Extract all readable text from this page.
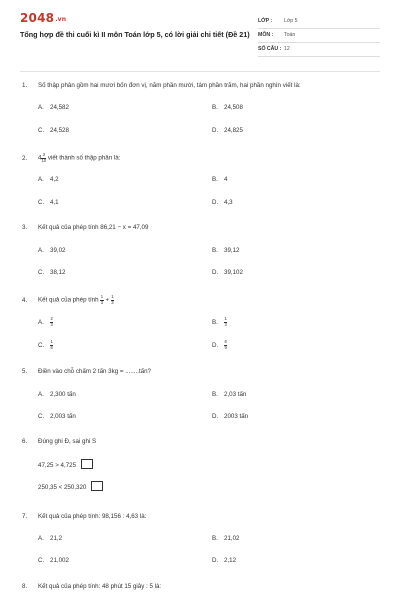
2048.vn
Tổng hợp đề thi cuối kì II môn Toán lớp 5, có lời giải chi tiết (Đề 21)
LỚP : Lớp 5
MÔN : Toán
SỐ CÂU : 12
1. Số thập phân gồm hai mươi bốn đơn vị, năm phần mười, tám phần trăm, hai phần nghìn viết là:
A. 24,582	B. 24,508
C. 24,528	D. 24,825
2. $4 \frac{3}{10}$ viết thành số thập phân là:
A. 4,2	B. 4
C. 4,1	D. 4,3
3. Kết quả của phép tính 86,21 − x = 47,09
A. 39,02	B. 39,12
C. 38,12	D. 39,102
4. Kết quả của phép tính $\frac{1}{3} + \frac{1}{3}$
A. $\frac{2}{3}$	B. $\frac{1}{3}$
C. $\frac{1}{6}$	D. $\frac{6}{9}$
5. Điền vào chỗ chấm 2 tấn 3kg = ........tấn?
A. 2,300 tấn	B. 2,03 tấn
C. 2,003 tấn	D. 2003 tấn
6. Đúng ghi Đ, sai ghi S
47,25 > 4,725
250,35 < 250,320
7. Kết quả của phép tính: 98,156 : 4,63 là:
A. 21,2	B. 21,02
C. 21,002	D. 2,12
8. Kết quả của phép tính: 48 phút 15 giây : 5 là:
